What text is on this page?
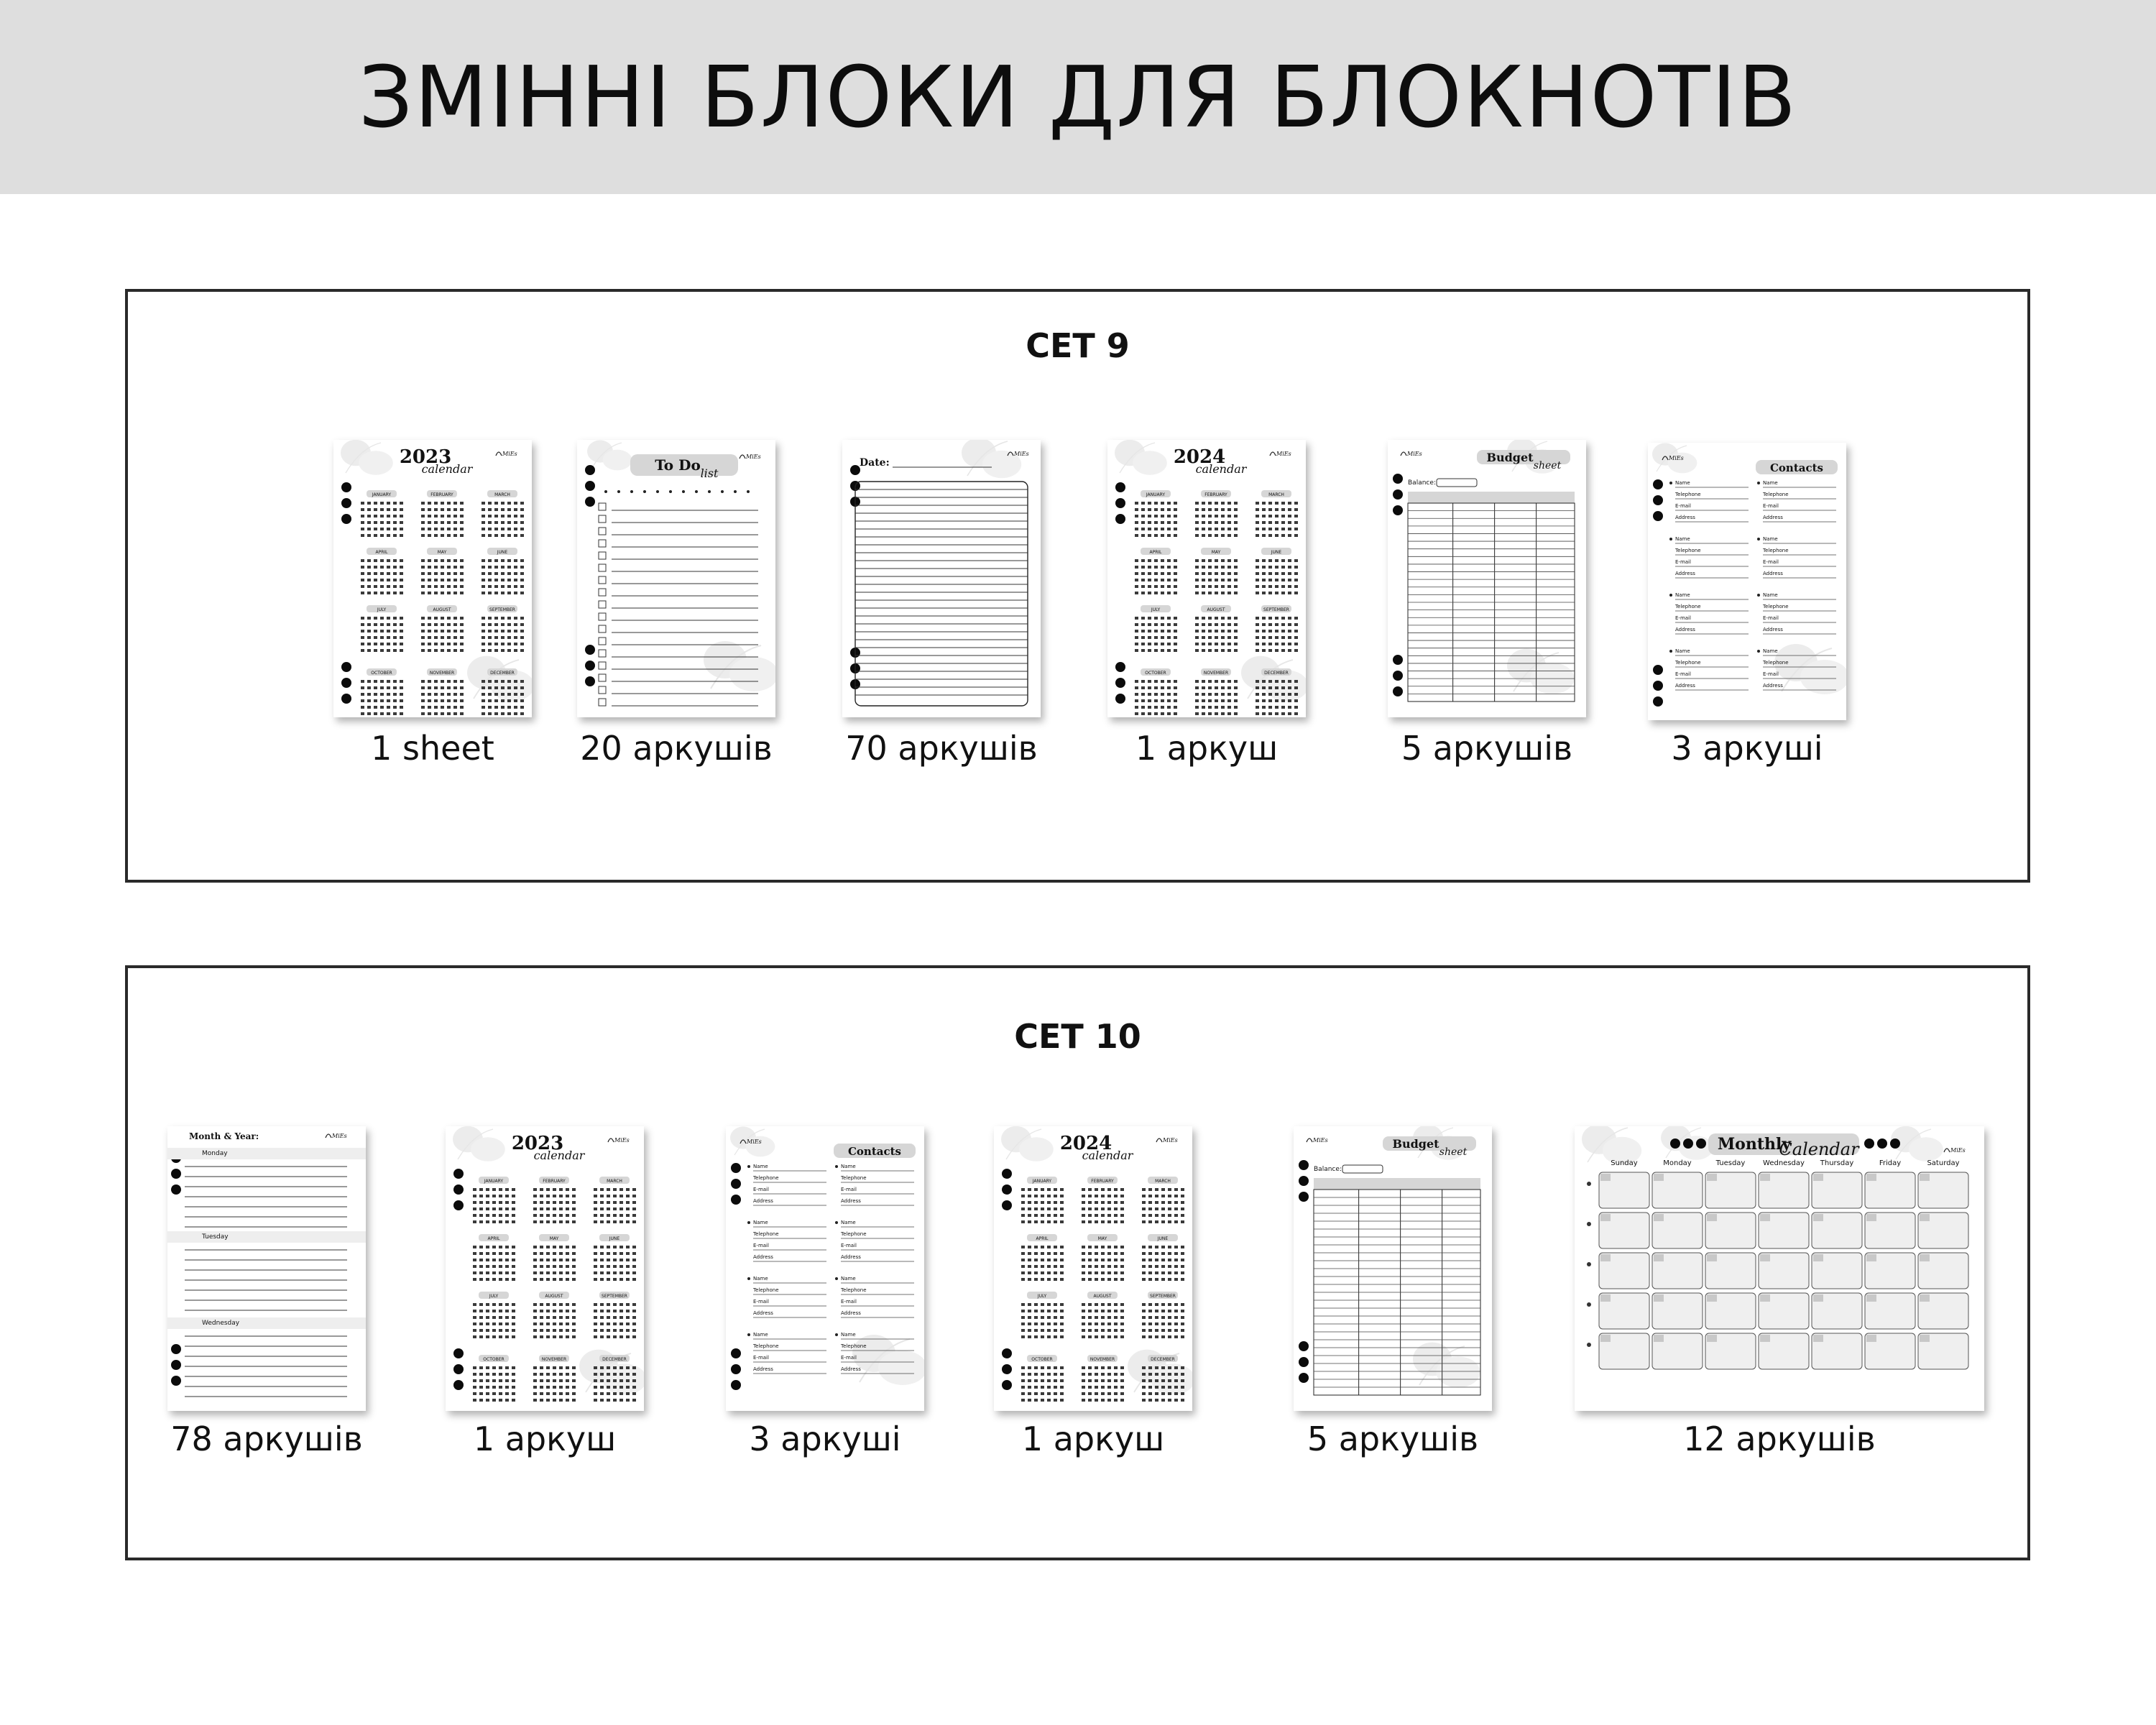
ЗМІННІ БЛОКИ ДЛЯ БЛОКНОТІВ
СЕТ 9
2023
calendar
MiEs
JANUARY	FEBRUARY	MARCH
APRIL	MAY	JUNE
JULY	AUGUST	SEPTEMBER
OCTOBER	NOVEMBER	DECEMBER
1 sheet
To Do list
MiEs
20 аркушів
Date:
MiEs
70 аркушів
2024
calendar
MiEs
JANUARY	FEBRUARY	MARCH
APRIL	MAY	JUNE
JULY	AUGUST	SEPTEMBER
OCTOBER	NOVEMBER	DECEMBER
1 аркуш
MiEs	Budget
sheet
Balance:
5 аркушів
MiEs
Contacts
Name
Telephone
E-mail
Address
Name
Telephone
E-mail
Address
Name
Telephone
E-mail
Address
Name
Telephone
E-mail
Address
Name
Telephone
E-mail
Address
Name
Telephone
E-mail
Address
Name
Telephone
E-mail
Address
Name
Telephone
E-mail
Address
3 аркуші
СЕТ 10
Month & Year:	MiEs
Monday
Tuesday
Wednesday
78 аркушів
2023
calendar
MiEs
JANUARY	FEBRUARY	MARCH
APRIL	MAY	JUNE
JULY	AUGUST	SEPTEMBER
OCTOBER	NOVEMBER	DECEMBER
1 аркуш
MiEs
Contacts
Name
Telephone
E-mail
Address
Name
Telephone
E-mail
Address
Name
Telephone
E-mail
Address
Name
Telephone
E-mail
Address
Name
Telephone
E-mail
Address
Name
Telephone
E-mail
Address
Name
Telephone
E-mail
Address
Name
Telephone
E-mail
Address
3 аркуші
2024
calendar
MiEs
JANUARY	FEBRUARY	MARCH
APRIL	MAY	JUNE
JULY	AUGUST	SEPTEMBER
OCTOBER	NOVEMBER	DECEMBER
1 аркуш
MiEs	Budget
sheet
Balance:
5 аркушів
Monthly
Calendar	MiEs
Sunday	Monday	Tuesday Wednesday Thursday	Friday	Saturday
12 аркушів
